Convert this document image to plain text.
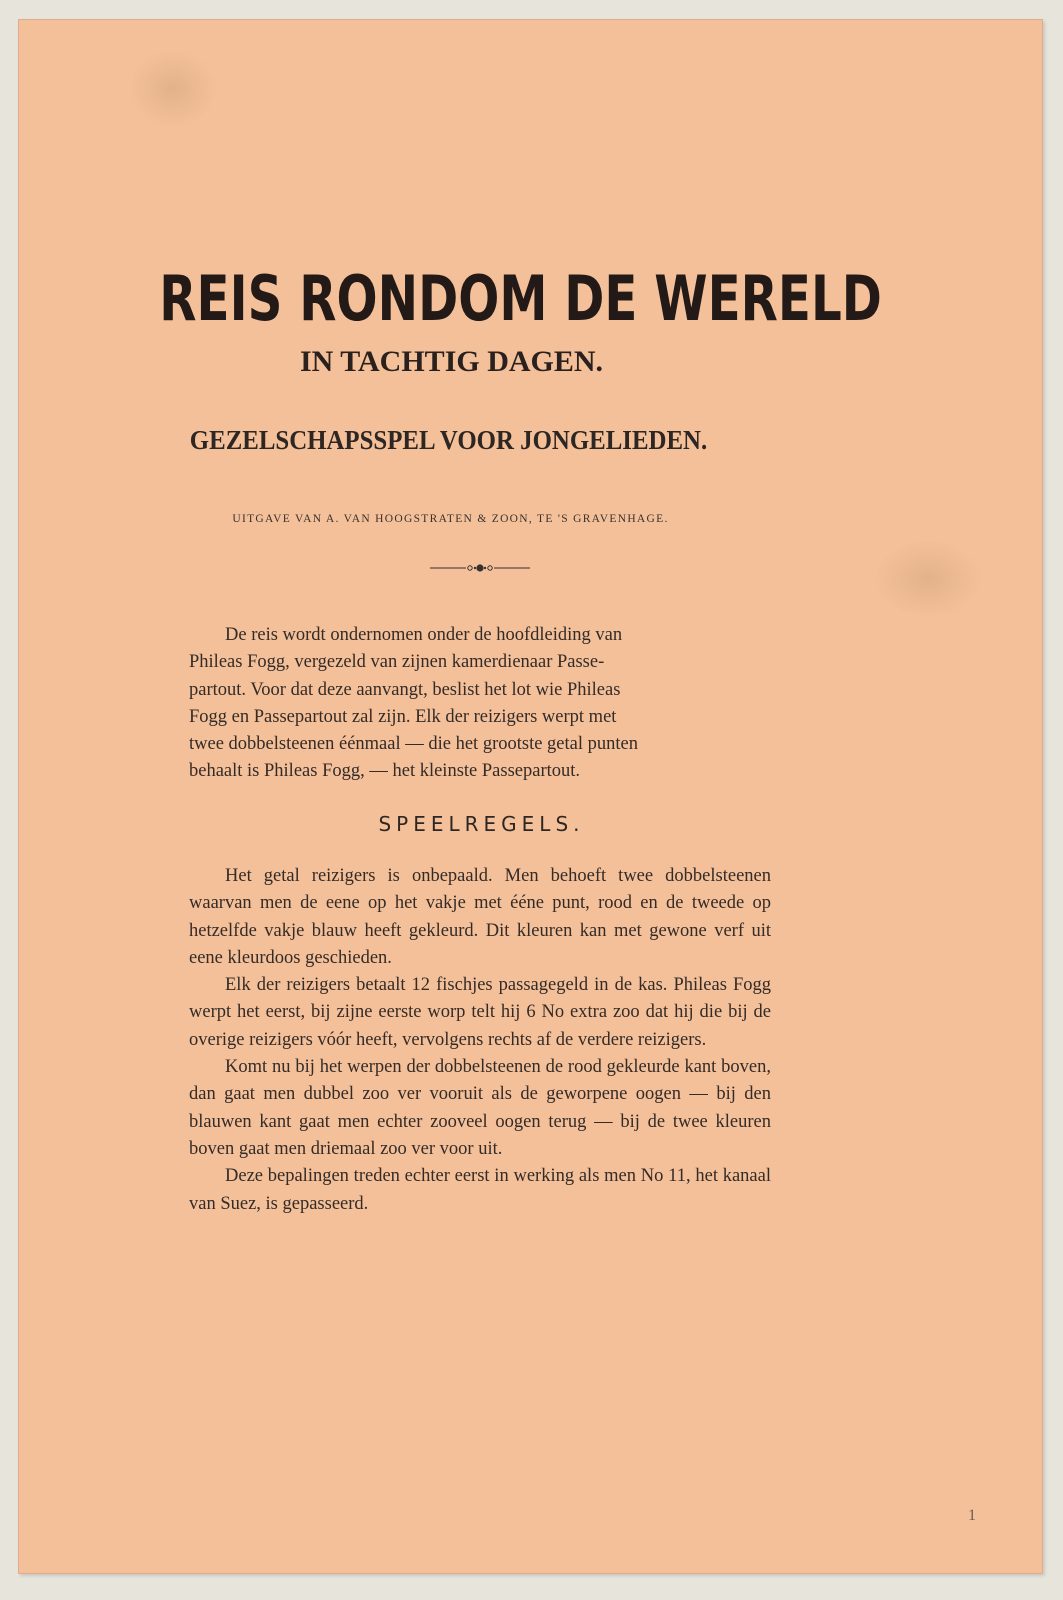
REIS RONDOM DE WERELD
IN TACHTIG DAGEN.
GEZELSCHAPSSPEL VOOR JONGELIEDEN.

UITGAVE VAN A. VAN HOOGSTRATEN & ZOON, TE 'S GRAVENHAGE.

De reis wordt ondernomen onder de hoofdleiding van
Phileas Fogg, vergezeld van zijnen kamerdienaar Passe-
partout. Voor dat deze aanvangt, beslist het lot wie Phileas
Fogg en Passepartout zal zijn. Elk der reizigers werpt met
twee dobbelsteenen éénmaal — die het grootste getal punten
behaalt is Phileas Fogg, — het kleinste Passepartout.
SPEELREGELS.

Het getal reizigers is onbepaald. Men behoeft twee dobbelsteenen waarvan men de eene op het vakje met éénе punt, rood en de tweede op hetzelfde vakje blauw heeft gekleurd. Dit kleuren kan met gewone verf uit eene kleurdoos geschieden.

Elk der reizigers betaalt 12 fischjes passagegeld in de kas. Phileas Fogg werpt het eerst, bij zijne eerste worp telt hij 6 No extra zoo dat hij die bij de overige reizigers vóór heeft, vervolgens rechts af de verdere reizigers.

Komt nu bij het werpen der dobbelsteenen de rood gekleurde kant boven, dan gaat men dubbel zoo ver vooruit als de geworpene oogen — bij den blauwen kant gaat men echter zooveel oogen terug — bij de twee kleuren boven gaat men driemaal zoo ver voor uit.

Deze bepalingen treden echter eerst in werking als men No 11, het kanaal van Suez, is gepasseerd.

1
